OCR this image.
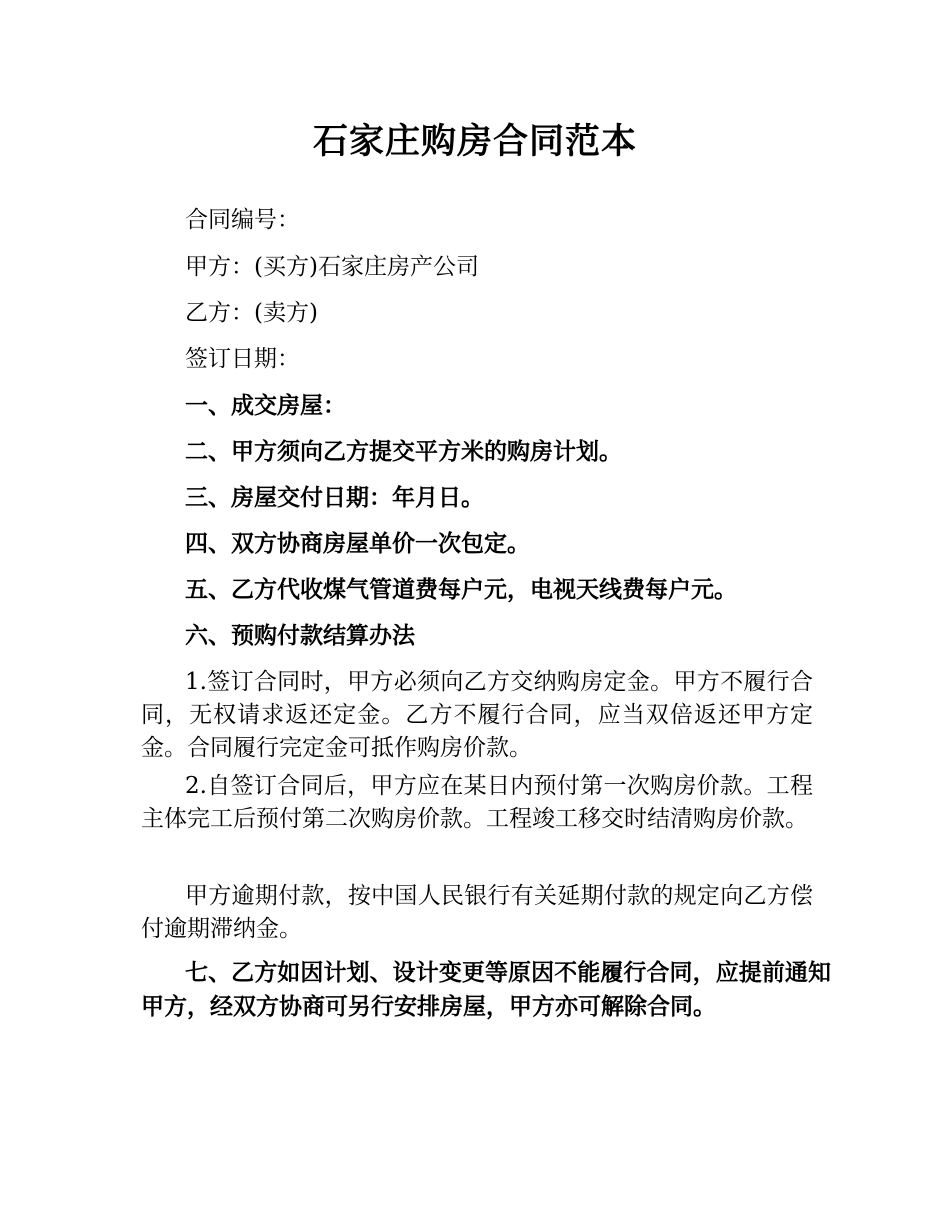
石家庄购房合同范本
合同编号：
甲方：(买方)石家庄房产公司
乙方：(卖方)
签订日期：
一、成交房屋：
二、甲方须向乙方提交平方米的购房计划。
三、房屋交付日期：年月日。
四、双方协商房屋单价一次包定。
五、乙方代收煤气管道费每户元，电视天线费每户元。
六、预购付款结算办法
1.签订合同时，甲方必须向乙方交纳购房定金。甲方不履行合同，无权请求返还定金。乙方不履行合同，应当双倍返还甲方定金。合同履行完定金可抵作购房价款。
2.自签订合同后，甲方应在某日内预付第一次购房价款。工程主体完工后预付第二次购房价款。工程竣工移交时结清购房价款。
甲方逾期付款，按中国人民银行有关延期付款的规定向乙方偿付逾期滞纳金。
七、乙方如因计划、设计变更等原因不能履行合同，应提前通知甲方，经双方协商可另行安排房屋，甲方亦可解除合同。
